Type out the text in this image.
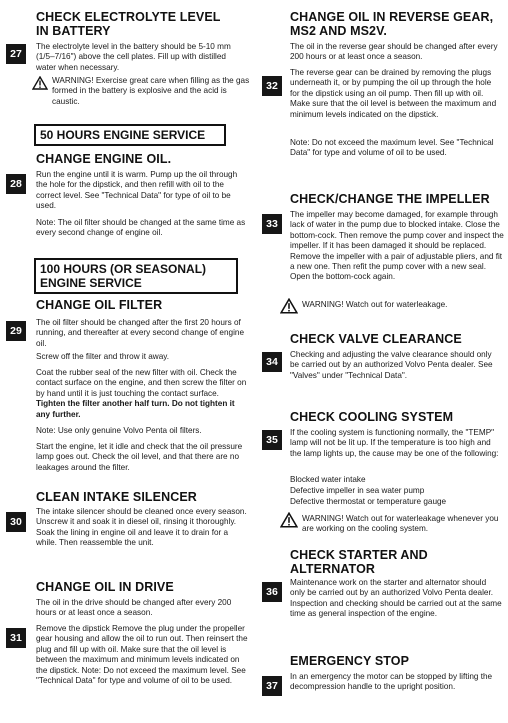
CHECK ELECTROLYTE LEVEL IN BATTERY
27

The electrolyte level in the battery should be 5-10 mm (1/5–7/16") above the cell plates. Fill up with distilled water when necessary.

WARNING! Exercise great care when filling as the gas formed in the battery is explosive and the acid is caustic.

50 HOURS ENGINE SERVICE
CHANGE ENGINE OIL.
28

Run the engine until it is warm. Pump up the oil through the hole for the dipstick, and then refill with oil to the correct level. See "Technical Data" for type of oil to be used.

Note: The oil filter should be changed at the same time as every second change of engine oil.

100 HOURS (OR SEASONAL) ENGINE SERVICE
CHANGE OIL FILTER
29

The oil filter should be changed after the first 20 hours of running, and thereafter at every second change of engine oil.

Screw off the filter and throw it away.

Coat the rubber seal of the new filter with oil. Check the contact surface on the engine, and then screw the filter on by hand until it is just touching the contact surface. Tighten the filter another half turn. Do not tighten it any further.

Note: Use only genuine Volvo Penta oil filters.

Start the engine, let it idle and check that the oil pressure lamp goes out. Check the oil level, and that there are no leakages around the filter.

CLEAN INTAKE SILENCER
30

The intake silencer should be cleaned once every season. Unscrew it and soak it in diesel oil, rinsing it thoroughly. Soak the lining in engine oil and leave it to drain for a while. Then reassemble the unit.

CHANGE OIL IN DRIVE

The oil in the drive should be changed after every 200 hours or at least once a season.

31

Remove the dipstick Remove the plug under the propeller gear housing and allow the oil to run out. Then reinsert the plug and fill up with oil. Make sure that the oil level is between the maximum and minimum levels indicated on the dipstick. Note: Do not exceed the maximum level. See "Technical Data" for type and volume of oil to be used.

CHANGE OIL IN REVERSE GEAR, MS2 AND MS2V.

The oil in the reverse gear should be changed after every 200 hours or at least once a season.

32

The reverse gear can be drained by removing the plugs underneath it, or by pumping the oil up through the hole for the dipstick using an oil pump. Then fill up with oil. Make sure that the oil level is between the maximum and minimum levels indicated on the dipstick.

Note: Do not exceed the maximum level. See "Technical Data" for type and volume of oil to be used.

CHECK/CHANGE THE IMPELLER
33

The impeller may become damaged, for example through lack of water in the pump due to blocked intake. Close the bottom-cock. Then remove the pump cover and inspect the impeller. If it has been damaged it should be replaced. Remove the impeller with a pair of adjustable pliers, and fit a new one. Then refit the pump cover with a new seal. Open the bottom-cock again.

WARNING! Watch out for waterleakage.

CHECK VALVE CLEARANCE
34

Checking and adjusting the valve clearance should only be carried out by an authorized Volvo Penta dealer. See "Valves" under "Technical Data".

CHECK COOLING SYSTEM
35

If the cooling system is functioning normally, the "TEMP" lamp will not be lit up. If the temperature is too high and the lamp lights up, the cause may be one of the following:

Blocked water intake

Defective impeller in sea water pump

Defective thermostat or temperature gauge

WARNING! Watch out for waterleakage whenever you are working on the cooling system.

CHECK STARTER AND ALTERNATOR
36

Maintenance work on the starter and alternator should only be carried out by an authorized Volvo Penta dealer. Inspection and checking should be carried out at the same time as general inspection of the engine.

EMERGENCY STOP
37

In an emergency the motor can be stopped by lifting the decompression handle to the upright position.
